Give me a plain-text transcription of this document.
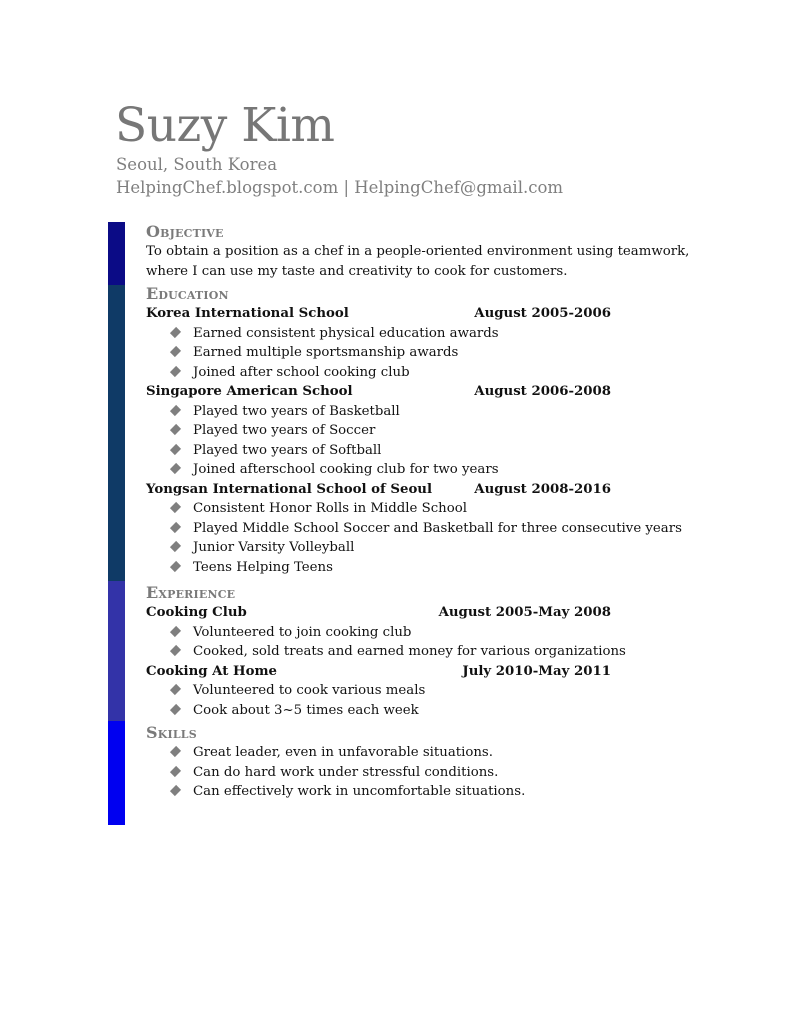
Suzy Kim
Seoul, South Korea
HelpingChef.blogspot.com | HelpingChef@gmail.com
Objective

To obtain a position as a chef in a people-oriented environment using teamwork,

where I can use my taste and creativity to cook for customers.

Education
Korea International School	August 2005-2006
Earned consistent physical education awards
Earned multiple sportsmanship awards
Joined after school cooking club
Singapore American School	August 2006-2008
Played two years of Basketball
Played two years of Soccer
Played two years of Softball
Joined afterschool cooking club for two years
Yongsan International School of Seoul	August 2008-2016
Consistent Honor Rolls in Middle School
Played Middle School Soccer and Basketball for three consecutive years
Junior Varsity Volleyball
Teens Helping Teens
Experience
Cooking Club	August 2005-May 2008
Volunteered to join cooking club
Cooked, sold treats and earned money for various organizations
Cooking At Home	July 2010-May 2011
Volunteered to cook various meals
Cook about 3~5 times each week
Skills
Great leader, even in unfavorable situations.
Can do hard work under stressful conditions.
Can effectively work in uncomfortable situations.
